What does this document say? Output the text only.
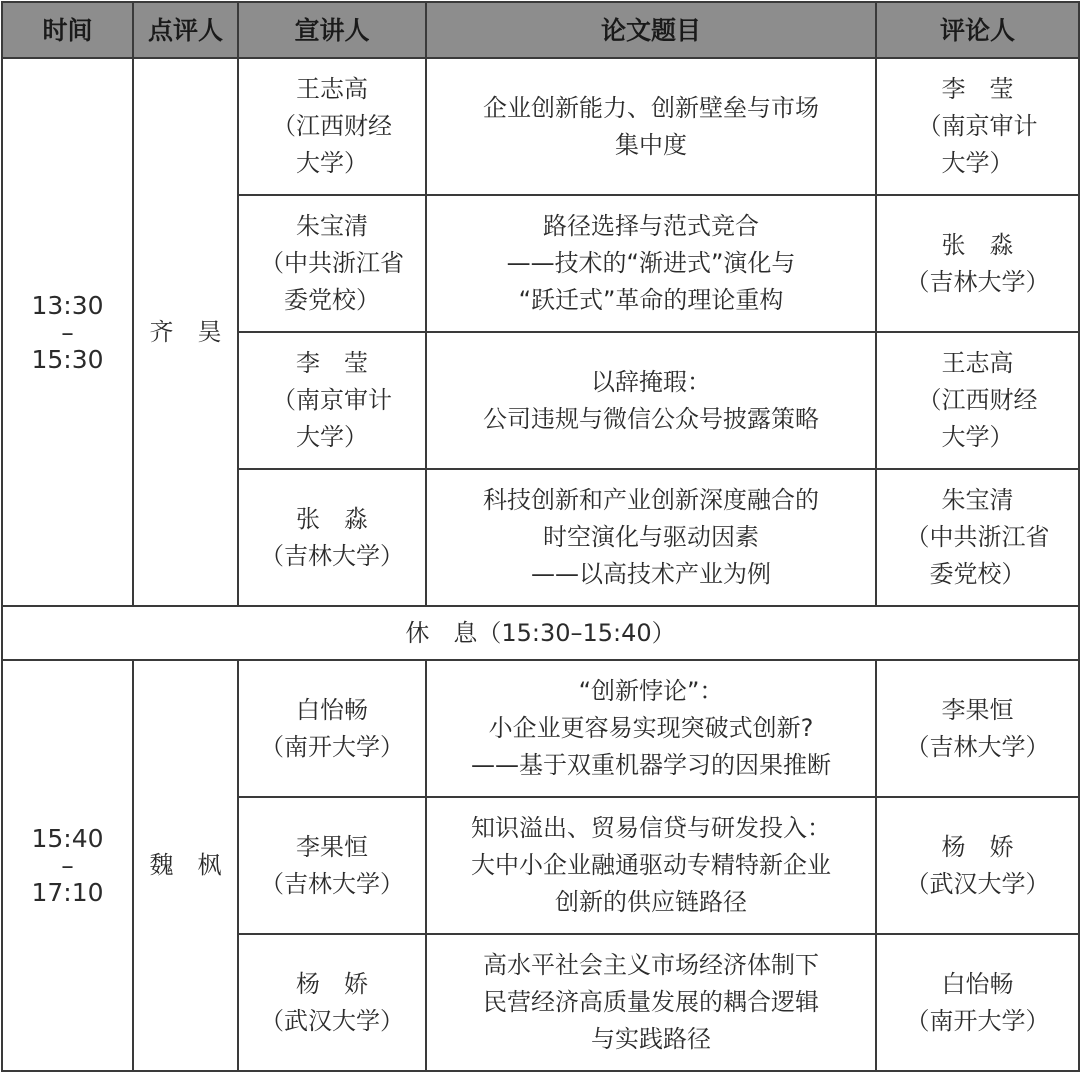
时间	点评人	宣讲人	论文题目	评论人

13:30
–
15:30	齐　昊	王志高
（江西财经
大学）	企业创新能力、创新壁垒与市场
集中度	李　莹
（南京审计
大学）

		朱宝清
（中共浙江省
委党校）	路径选择与范式竞合
——技术的“渐进式”演化与
“跃迁式”革命的理论重构	张　淼
（吉林大学）

		李　莹
（南京审计
大学）	以辞掩瑕：
公司违规与微信公众号披露策略	王志高
（江西财经
大学）

		张　淼
（吉林大学）	科技创新和产业创新深度融合的
时空演化与驱动因素
——以高技术产业为例	朱宝清
（中共浙江省
委党校）

休　息（15:30–15:40）				

15:40
–
17:10	魏　枫	白怡畅
（南开大学）	“创新悖论”：
小企业更容易实现突破式创新?
——基于双重机器学习的因果推断	李果恒
（吉林大学）

		李果恒
（吉林大学）	知识溢出、贸易信贷与研发投入：
大中小企业融通驱动专精特新企业
创新的供应链路径	杨　娇
（武汉大学）

		杨　娇
（武汉大学）	高水平社会主义市场经济体制下
民营经济高质量发展的耦合逻辑
与实践路径	白怡畅
（南开大学）
